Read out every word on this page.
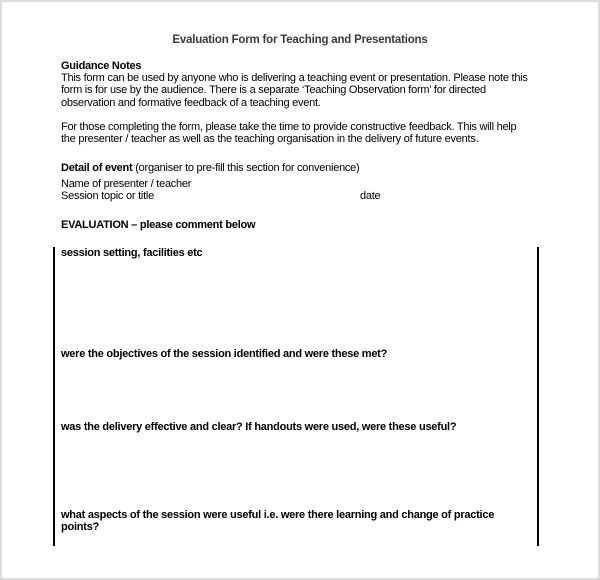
Evaluation Form for Teaching and Presentations
Guidance Notes
This form can be used by anyone who is delivering a teaching event or presentation. Please note this
form is for use by the audience. There is a separate ‘Teaching Observation form’ for directed
observation and formative feedback of a teaching event.
For those completing the form, please take the time to provide constructive feedback. This will help
the presenter / teacher as well as the teaching organisation in the delivery of future events.
Detail of event (organiser to pre-fill this section for convenience)
Name of presenter / teacher
Session topic or title	date
EVALUATION – please comment below
session setting, facilities etc
were the objectives of the session identified and were these met?
was the delivery effective and clear? If handouts were used, were these useful?
what aspects of the session were useful i.e. were there learning and change of practice
points?
